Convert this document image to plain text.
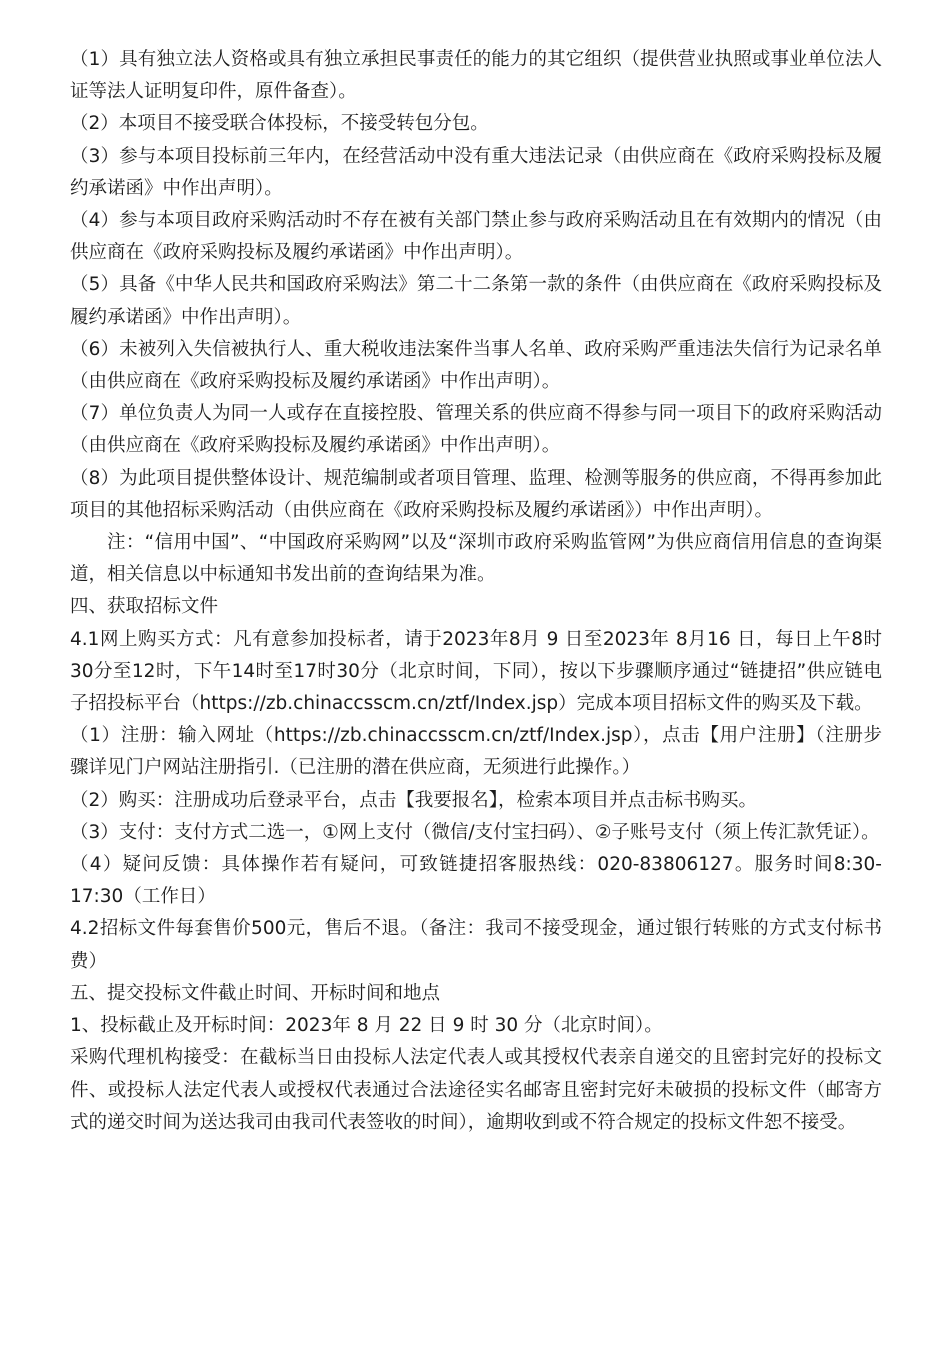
（1）具有独立法人资格或具有独立承担民事责任的能力的其它组织（提供营业执照或事业单位法人证等法人证明复印件，原件备查）。

（2）本项目不接受联合体投标，不接受转包分包。

（3）参与本项目投标前三年内，在经营活动中没有重大违法记录（由供应商在《政府采购投标及履约承诺函》中作出声明）。

（4）参与本项目政府采购活动时不存在被有关部门禁止参与政府采购活动且在有效期内的情况（由供应商在《政府采购投标及履约承诺函》中作出声明）。

（5）具备《中华人民共和国政府采购法》第二十二条第一款的条件（由供应商在《政府采购投标及履约承诺函》中作出声明）。

（6）未被列入失信被执行人、重大税收违法案件当事人名单、政府采购严重违法失信行为记录名单（由供应商在《政府采购投标及履约承诺函》中作出声明）。

（7）单位负责人为同一人或存在直接控股、管理关系的供应商不得参与同一项目下的政府采购活动（由供应商在《政府采购投标及履约承诺函》中作出声明）。

（8）为此项目提供整体设计、规范编制或者项目管理、监理、检测等服务的供应商，不得再参加此项目的其他招标采购活动（由供应商在《政府采购投标及履约承诺函》）中作出声明）。

注：“信用中国”、“中国政府采购网”以及“深圳市政府采购监管网”为供应商信用信息的查询渠道，相关信息以中标通知书发出前的查询结果为准。

四、获取招标文件

4.1网上购买方式：凡有意参加投标者，请于2023年8月 9 日至2023年 8月16 日，每日上午8时30分至12时，下午14时至17时30分（北京时间，下同），按以下步骤顺序通过“链捷招”供应链电子招投标平台（https://zb.chinaccsscm.cn/ztf/Index.jsp）完成本项目招标文件的购买及下载。

（1）注册：输入网址（https://zb.chinaccsscm.cn/ztf/Index.jsp），点击【用户注册】（注册步骤详见门户网站注册指引.（已注册的潜在供应商，无须进行此操作。）

（2）购买：注册成功后登录平台，点击【我要报名】，检索本项目并点击标书购买。

（3）支付：支付方式二选一，①网上支付（微信/支付宝扫码）、②子账号支付（须上传汇款凭证）。

（4）疑问反馈：具体操作若有疑问，可致链捷招客服热线：020-83806127。服务时间8:30-17:30（工作日）

4.2招标文件每套售价500元，售后不退。（备注：我司不接受现金，通过银行转账的方式支付标书费）

五、提交投标文件截止时间、开标时间和地点

1、投标截止及开标时间：2023年 8 月 22 日 9 时 30 分（北京时间）。

采购代理机构接受：在截标当日由投标人法定代表人或其授权代表亲自递交的且密封完好的投标文件、或投标人法定代表人或授权代表通过合法途径实名邮寄且密封完好未破损的投标文件（邮寄方式的递交时间为送达我司由我司代表签收的时间），逾期收到或不符合规定的投标文件恕不接受。
